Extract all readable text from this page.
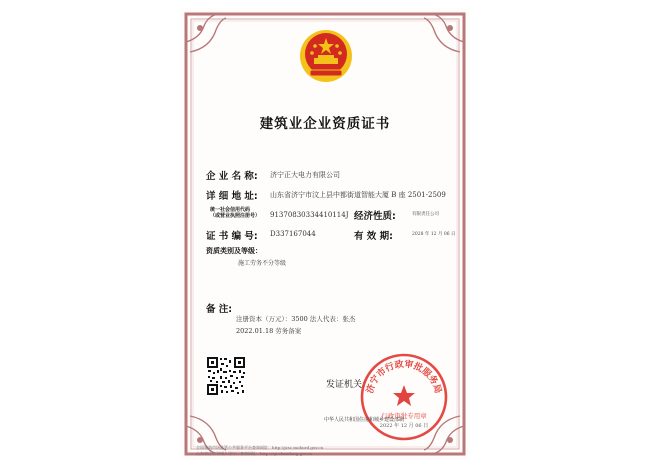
建筑业企业资质证书
企 业 名 称: 济宁正大电力有限公司
详 细 地 址: 山东省济宁市汶上县中都街道智能大厦 B 座 2501-2509
统一社会信用代码
（或营业执照注册号） 91370830334410114J 经济性质:	有限责任公司
证 书 编 号: D337167044	有 效 期:	2028 年 12 月 06 日
资质类别及等级：
施工劳务不分等级
备 注:
注册资本（万元）：3500 法人代表：张杰
2022.01.18 劳务备案
发证机关：
济宁市行政审批服务局
行政审批专用章
2022 年 12 月 06 日
中华人民共和国住房和城乡建设部制
全国建筑市场监管公共服务平台查询网址：http://jzsc.mohurd.gov.cn
山东省住房和城乡建设厅查询网址：http://zjt.shandong.gov.cn
